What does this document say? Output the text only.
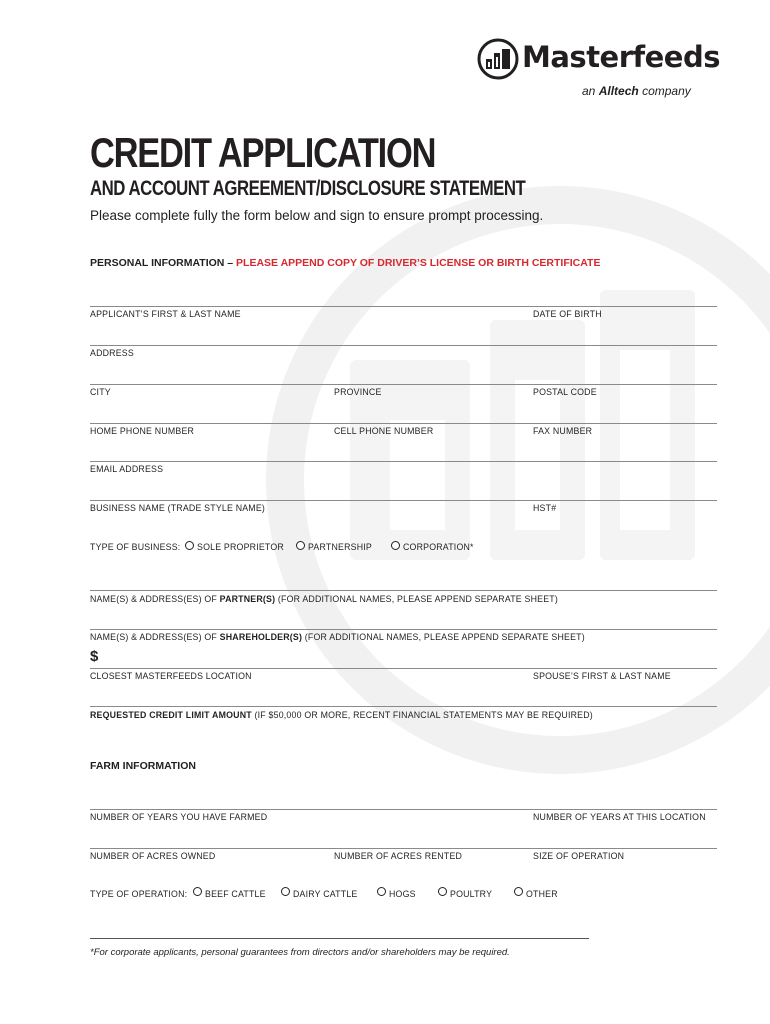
Masterfeeds
an Alltech company
CREDIT APPLICATION
AND ACCOUNT AGREEMENT/DISCLOSURE STATEMENT
Please complete fully the form below and sign to ensure prompt processing.
PERSONAL INFORMATION – PLEASE APPEND COPY OF DRIVER’S LICENSE OR BIRTH CERTIFICATE
APPLICANT’S FIRST & LAST NAME	DATE OF BIRTH
ADDRESS
CITY	PROVINCE	POSTAL CODE
HOME PHONE NUMBER	CELL PHONE NUMBER	FAX NUMBER
EMAIL ADDRESS
BUSINESS NAME (TRADE STYLE NAME)	HST#
TYPE OF BUSINESS: SOLE PROPRIETOR	PARTNERSHIP	CORPORATION*
NAME(S) & ADDRESS(ES) OF PARTNER(S) (FOR ADDITIONAL NAMES, PLEASE APPEND SEPARATE SHEET)
NAME(S) & ADDRESS(ES) OF SHAREHOLDER(S) (FOR ADDITIONAL NAMES, PLEASE APPEND SEPARATE SHEET)
$
CLOSEST MASTERFEEDS LOCATION	SPOUSE’S FIRST & LAST NAME
REQUESTED CREDIT LIMIT AMOUNT (IF $50,000 OR MORE, RECENT FINANCIAL STATEMENTS MAY BE REQUIRED)
FARM INFORMATION
NUMBER OF YEARS YOU HAVE FARMED	NUMBER OF YEARS AT THIS LOCATION
NUMBER OF ACRES OWNED	NUMBER OF ACRES RENTED	SIZE OF OPERATION
TYPE OF OPERATION: BEEF CATTLE	DAIRY CATTLE	HOGS	POULTRY	OTHER
*For corporate applicants, personal guarantees from directors and/or shareholders may be required.
